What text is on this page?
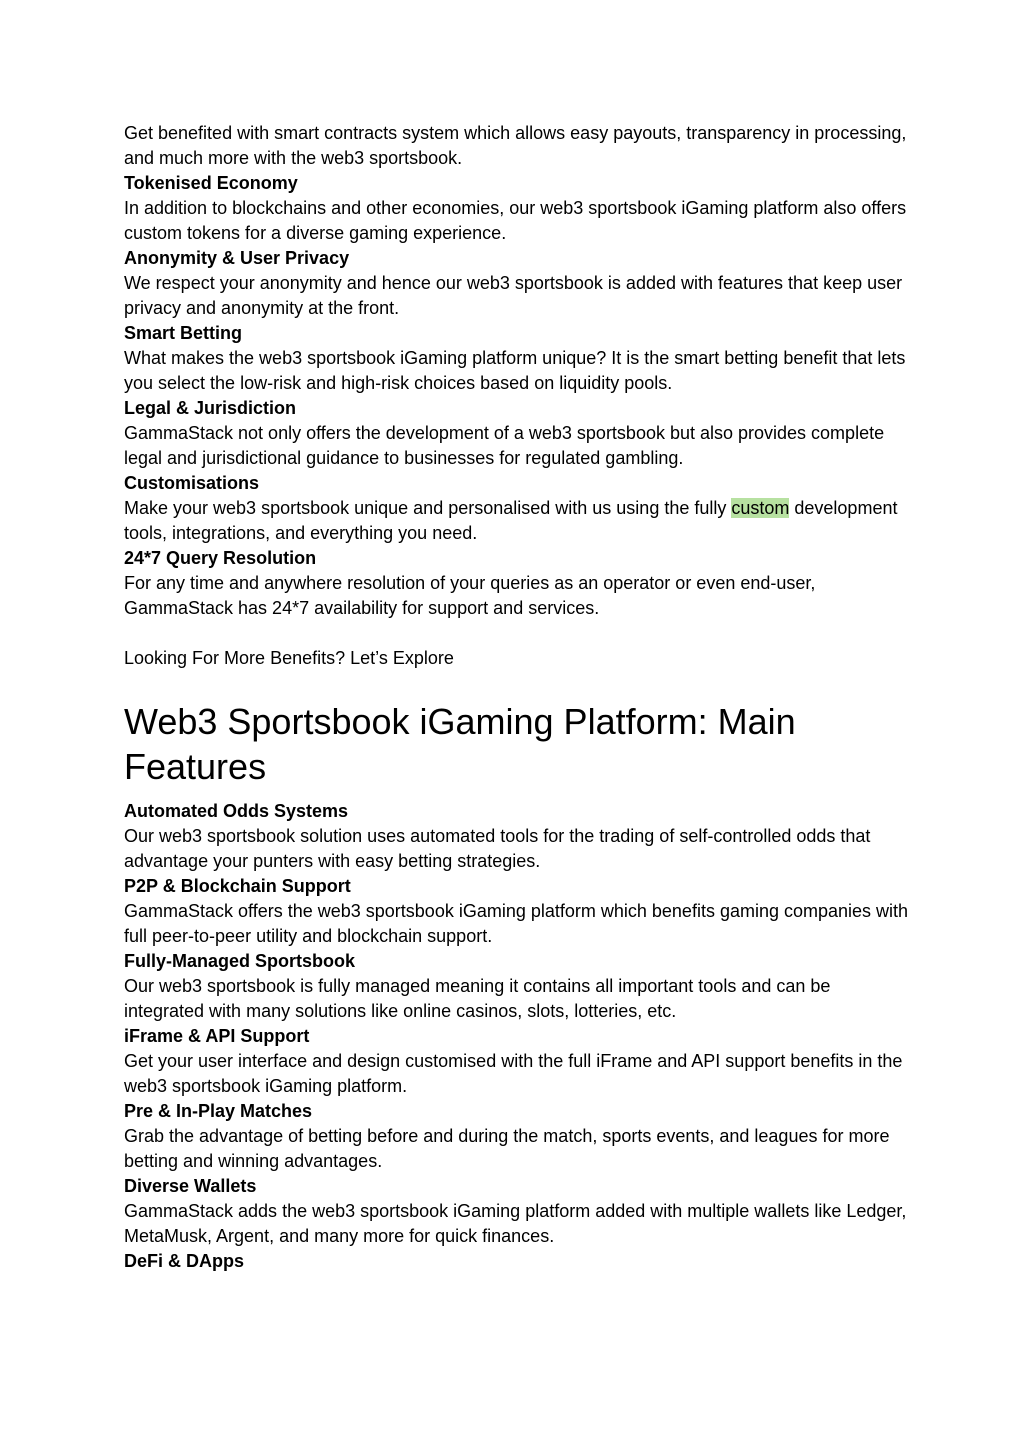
Get benefited with smart contracts system which allows easy payouts, transparency in processing, and much more with the web3 sportsbook.

Tokenised Economy

In addition to blockchains and other economies, our web3 sportsbook iGaming platform also offers custom tokens for a diverse gaming experience.

Anonymity & User Privacy

We respect your anonymity and hence our web3 sportsbook is added with features that keep user privacy and anonymity at the front.

Smart Betting

What makes the web3 sportsbook iGaming platform unique? It is the smart betting benefit that lets you select the low-risk and high-risk choices based on liquidity pools.

Legal & Jurisdiction

GammaStack not only offers the development of a web3 sportsbook but also provides complete legal and jurisdictional guidance to businesses for regulated gambling.

Customisations

Make your web3 sportsbook unique and personalised with us using the fully custom development tools, integrations, and everything you need.

24*7 Query Resolution

For any time and anywhere resolution of your queries as an operator or even end-user, GammaStack has 24*7 availability for support and services.

Looking For More Benefits? Let’s Explore

Web3 Sportsbook iGaming Platform: Main Features

Automated Odds Systems

Our web3 sportsbook solution uses automated tools for the trading of self-controlled odds that advantage your punters with easy betting strategies.

P2P & Blockchain Support

GammaStack offers the web3 sportsbook iGaming platform which benefits gaming companies with full peer-to-peer utility and blockchain support.

Fully-Managed Sportsbook

Our web3 sportsbook is fully managed meaning it contains all important tools and can be integrated with many solutions like online casinos, slots, lotteries, etc.

iFrame & API Support

Get your user interface and design customised with the full iFrame and API support benefits in the web3 sportsbook iGaming platform.

Pre & In-Play Matches

Grab the advantage of betting before and during the match, sports events, and leagues for more betting and winning advantages.

Diverse Wallets

GammaStack adds the web3 sportsbook iGaming platform added with multiple wallets like Ledger, MetaMusk, Argent, and many more for quick finances.

DeFi & DApps
